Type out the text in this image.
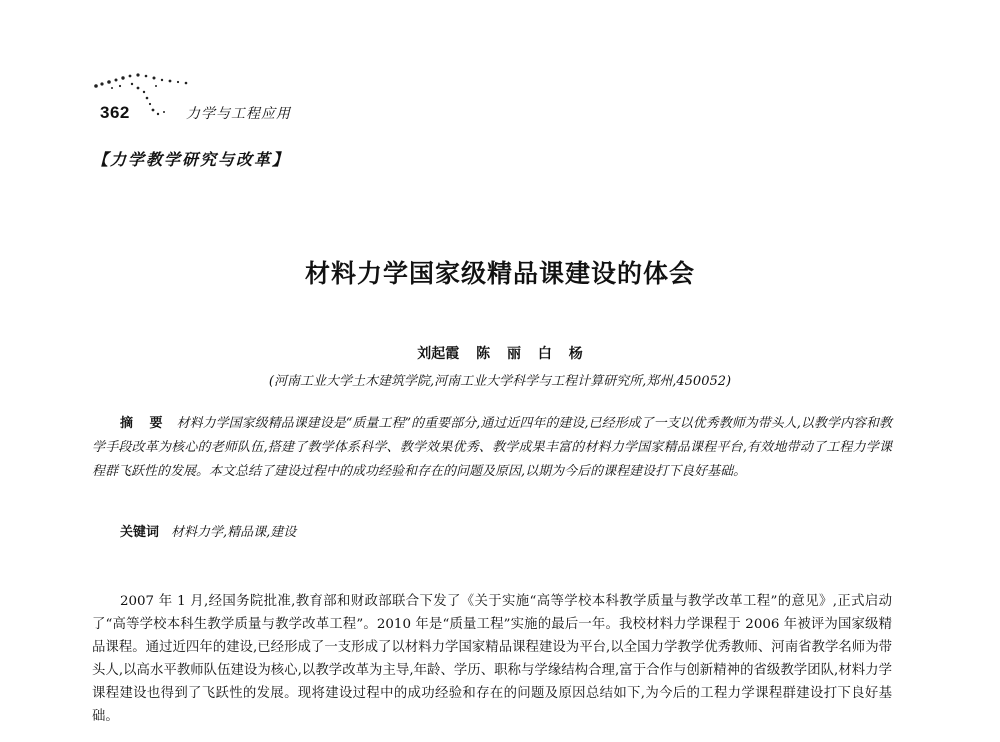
362	力学与工程应用
【力学教学研究与改革】
材料力学国家级精品课建设的体会
刘起霞 陈 丽 白 杨
(河南工业大学土木建筑学院,河南工业大学科学与工程计算研究所,郑州,450052)
摘 要 材料力学国家级精品课建设是“质量工程”的重要部分,通过近四年的建设,已经形成了一支以优秀教师为带头人,以教学内容和教学手段改革为核心的老师队伍,搭建了教学体系科学、教学效果优秀、教学成果丰富的材料力学国家精品课程平台,有效地带动了工程力学课程群飞跃性的发展。本文总结了建设过程中的成功经验和存在的问题及原因,以期为今后的课程建设打下良好基础。
关键词 材料力学,精品课,建设
2007 年 1 月,经国务院批准,教育部和财政部联合下发了《关于实施“高等学校本科教学质量与教学改革工程”的意见》,正式启动了“高等学校本科生教学质量与教学改革工程”。2010 年是“质量工程”实施的最后一年。我校材料力学课程于 2006 年被评为国家级精品课程。通过近四年的建设,已经形成了一支形成了以材料力学国家精品课程建设为平台,以全国力学教学优秀教师、河南省教学名师为带头人,以高水平教师队伍建设为核心,以教学改革为主导,年龄、学历、职称与学缘结构合理,富于合作与创新精神的省级教学团队,材料力学课程建设也得到了飞跃性的发展。现将建设过程中的成功经验和存在的问题及原因总结如下,为今后的工程力学课程群建设打下良好基础。
